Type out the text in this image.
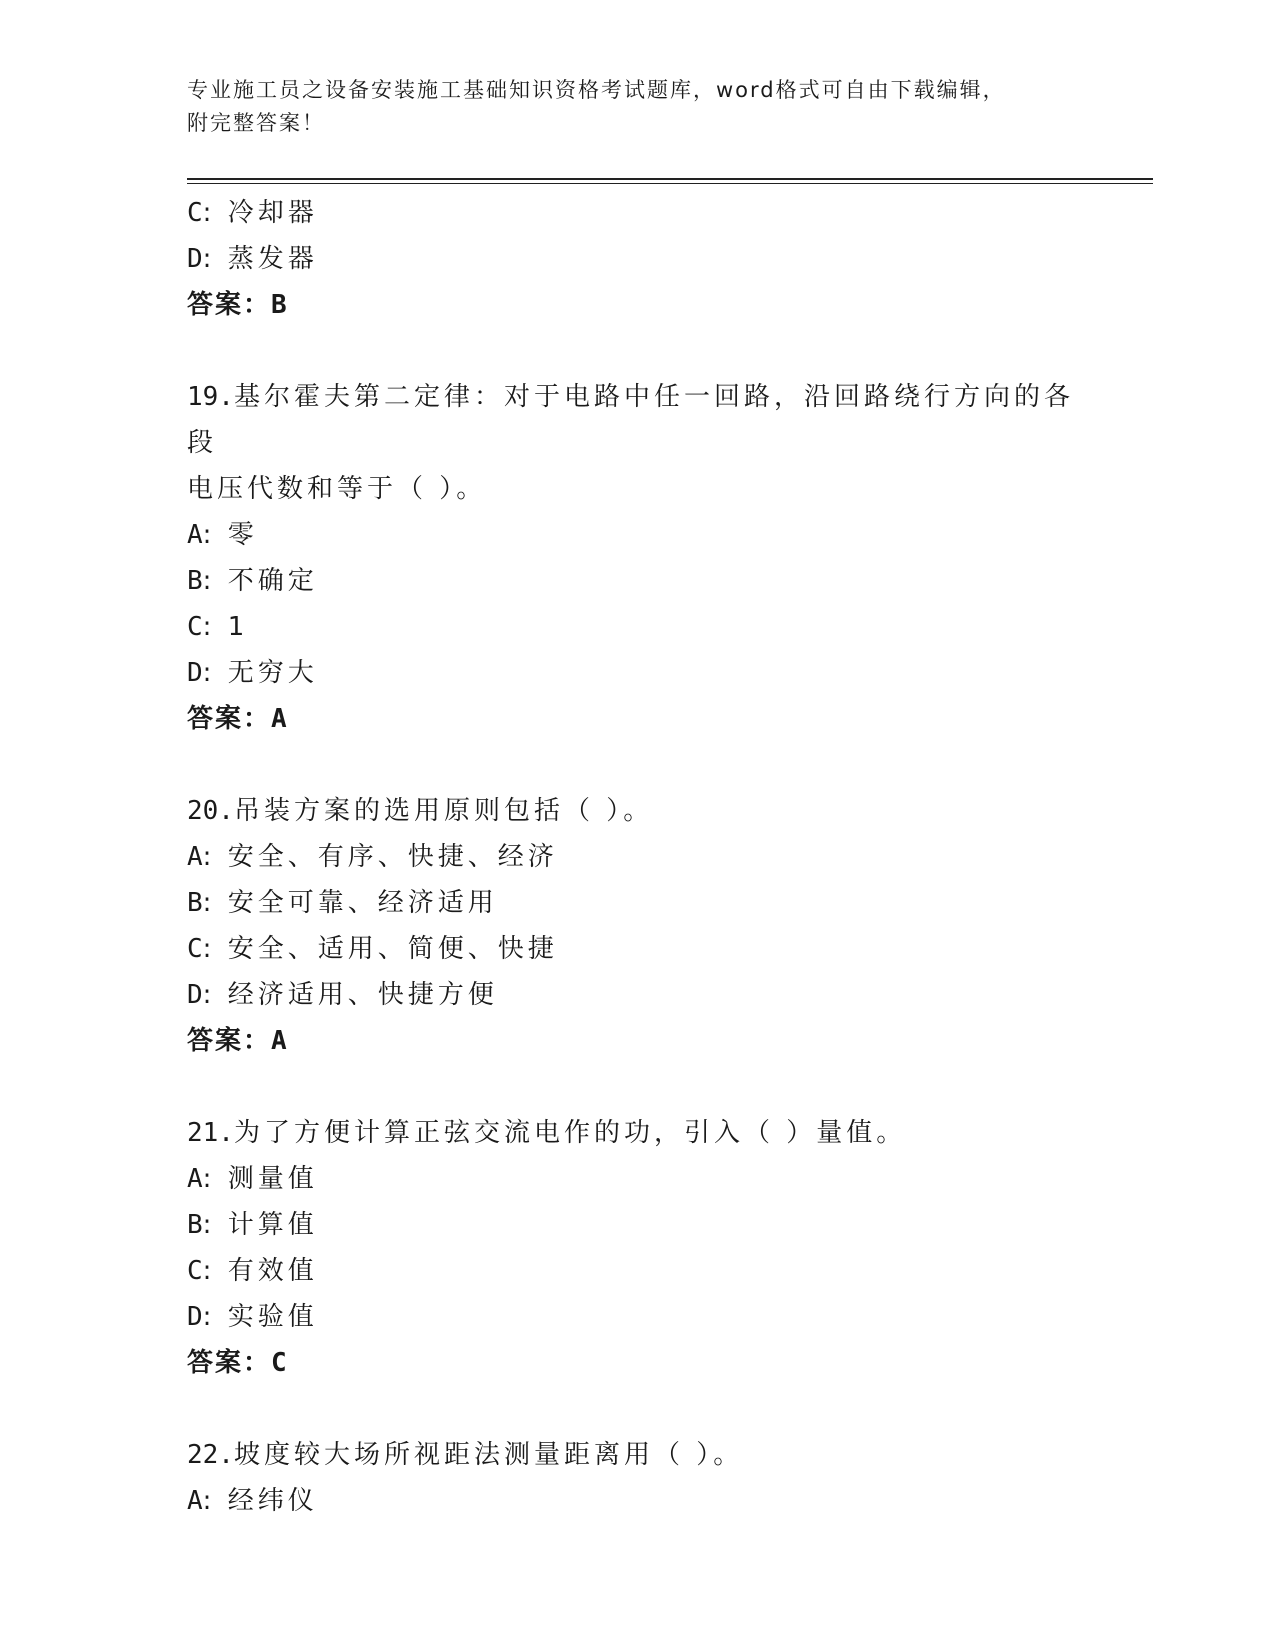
专业施工员之设备安装施工基础知识资格考试题库，word格式可自由下载编辑，
附完整答案！
C: 冷却器
D: 蒸发器
答案：B
19.基尔霍夫第二定律：对于电路中任一回路，沿回路绕行方向的各段
电压代数和等于（ ）。
A: 零
B: 不确定
C: 1
D: 无穷大
答案：A
20.吊装方案的选用原则包括（ ）。
A: 安全、有序、快捷、经济
B: 安全可靠、经济适用
C: 安全、适用、简便、快捷
D: 经济适用、快捷方便
答案：A
21.为了方便计算正弦交流电作的功，引入（ ）量值。
A: 测量值
B: 计算值
C: 有效值
D: 实验值
答案：C
22.坡度较大场所视距法测量距离用（ ）。
A: 经纬仪
